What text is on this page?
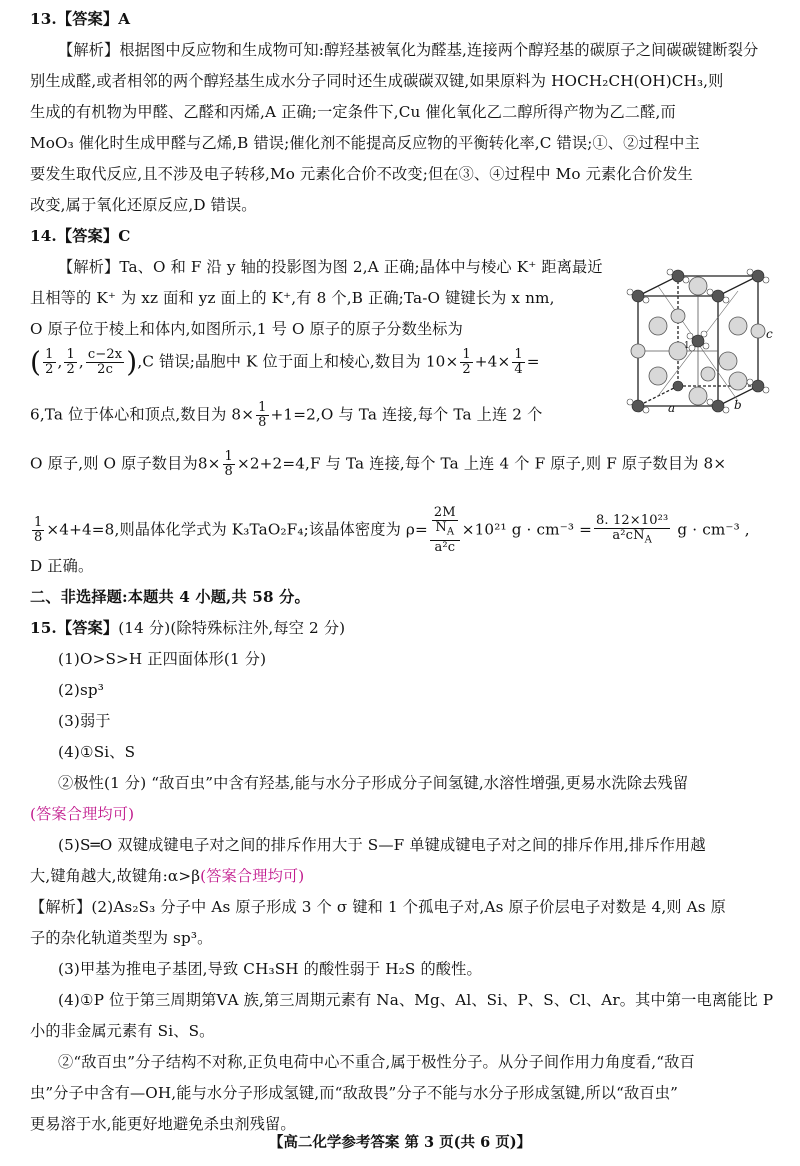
13.【答案】A
【解析】根据图中反应物和生成物可知:醇羟基被氧化为醛基,连接两个醇羟基的碳原子之间碳碳键断裂分
别生成醛,或者相邻的两个醇羟基生成水分子同时还生成碳碳双键,如果原料为 HOCH₂CH(OH)CH₃,则
生成的有机物为甲醛、乙醛和丙烯,A 正确;一定条件下,Cu 催化氧化乙二醇所得产物为乙二醛,而
MoO₃ 催化时生成甲醛与乙烯,B 错误;催化剂不能提高反应物的平衡转化率,C 错误;①、②过程中主
要发生取代反应,且不涉及电子转移,Mo 元素化合价不改变;但在③、④过程中 Mo 元素化合价发生
改变,属于氧化还原反应,D 错误。
14.【答案】C
【解析】Ta、O 和 F 沿 y 轴的投影图为图 2,A 正确;晶体中与棱心 K⁺ 距离最近
且相等的 K⁺ 为 xz 面和 yz 面上的 K⁺,有 8 个,B 正确;Ta-O 键键长为 x nm,
O 原子位于棱上和体内,如图所示,1 号 O 原子的原子分数坐标为
( $\frac{1}{2}$ , $\frac{1}{2}$ , $\frac{c-2x}{2c} ),C$ 错误;晶胞中 K 位于面上和棱心,数目为 $10\times \frac{1}{2} +4\times \frac{1}{4}$ =
6,Ta 位于体心和顶点,数目为 $8\times \frac{1}{8} +1=2,O$ 与 Ta 连接,每个 Ta 上连 2 个
O 原子,则 O 原子数目为$8\times \frac{1}{8} \times 2+2=4,F$ 与 Ta 连接,每个 Ta 上连 4 个 F 原子,则 F 原子数目为 8×
$\frac{1}{8} \times 4+4=8$,则晶体化学式为 K₃TaO₂F₄;该晶体密度为 $\rho= \frac{\frac{2M}{N_A}}{\text{a²c}} \times 10^{21}$ $g \cdot cm^{-3} = \frac{\text{8. 12×10²³}}{a^2cN_A}$ g · cm⁻³ ,
D 正确。
c
a	b
1
二、非选择题:本题共 4 小题,共 58 分。
15.【答案】(14 分)(除特殊标注外,每空 2 分)
(1)O>S>H 正四面体形(1 分)
(2)sp³
(3)弱于
(4)①Si、S
②极性(1 分) “敌百虫”中含有羟基,能与水分子形成分子间氢键,水溶性增强,更易水洗除去残留
(答案合理均可)
(5)S═O 双键成键电子对之间的排斥作用大于 S—F 单键成键电子对之间的排斥作用,排斥作用越
大,键角越大,故键角:α>β(答案合理均可)
【解析】(2)As₂S₃ 分子中 As 原子形成 3 个 σ 键和 1 个孤电子对,As 原子价层电子对数是 4,则 As 原
子的杂化轨道类型为 sp³。
(3)甲基为推电子基团,导致 CH₃SH 的酸性弱于 H₂S 的酸性。
(4)①P 位于第三周期第ⅤA 族,第三周期元素有 Na、Mg、Al、Si、P、S、Cl、Ar。其中第一电离能比 P
小的非金属元素有 Si、S。
②“敌百虫”分子结构不对称,正负电荷中心不重合,属于极性分子。从分子间作用力角度看,“敌百
虫”分子中含有—OH,能与水分子形成氢键,而“敌敌畏”分子不能与水分子形成氢键,所以“敌百虫”
更易溶于水,能更好地避免杀虫剂残留。
【高二化学参考答案 第 3 页(共 6 页)】
